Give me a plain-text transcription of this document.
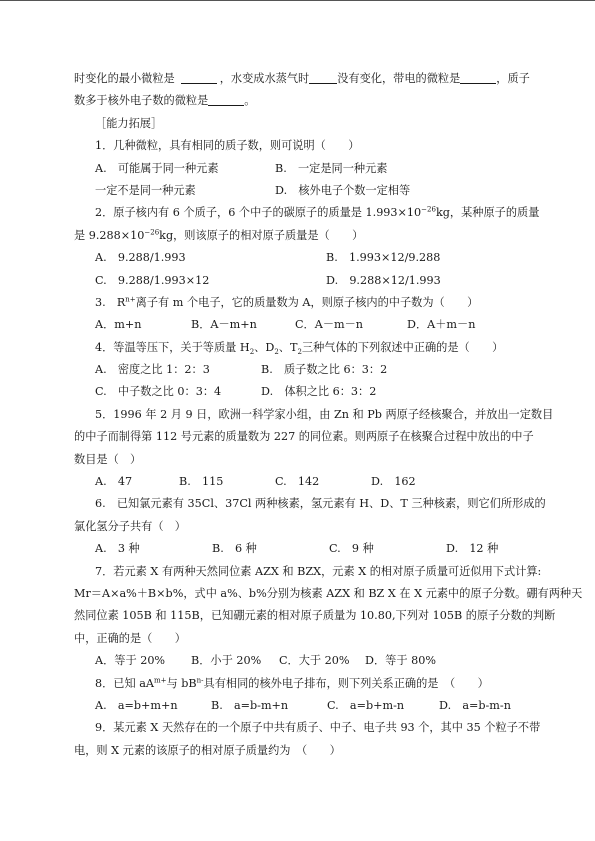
时变化的最小微粒是	，水变成水蒸气时	没有变化，带电的微粒是	，质子
数多于核外电子数的微粒是	。
［能力拓展］
1．几种微粒，具有相同的质子数，则可说明（　　）
A.　可能属于同一种元素	B.　一定是同一种元素
一定不是同一种元素	D.　核外电子个数一定相等
2．原子核内有 6 个质子，6 个中子的碳原子的质量是 $1.993\times 10^{-26}kg$，某种原子的质量
是 $9.288\times 10^{-26}kg$，则该原子的相对原子质量是（　　）
A.　9.288/1.993	B.　1.993×12/9.288
C.　9.288/1.993×12	D.　9.288×12/1.993
3.　$R^{n+}$离子有 m 个电子，它的质量数为 A，则原子核内的中子数为（　　）
A．m+n	B．A－m+n	C．A－m－n	D．A＋m－n
4．等温等压下，关于等质量 $H_2$、$D_2$、$T_2$三种气体的下列叙述中正确的是（　　）
A.　密度之比 1：2：3	B.　质子数之比 6：3：2
C.　中子数之比 0：3：4	D.　体积之比 6：3：2
5．1996 年 2 月 9 日，欧洲一科学家小组，由 Zn 和 Pb 两原子经核聚合，并放出一定数目
的中子而制得第 112 号元素的质量数为 227 的同位素。则两原子在核聚合过程中放出的中子
数目是（　）
A.　47	B.　115	C.　142	D.　162
6.　已知氯元素有 35Cl、37Cl 两种核素，氢元素有 H、D、T 三种核素，则它们所形成的
氯化氢分子共有（　）
A.　3 种	B.　6 种	C.　9 种	D.　12 种
7．若元素 X 有两种天然同位素 AZX 和 BZX，元素 X 的相对原子质量可近似用下式计算:
Mr＝A×a%＋B×b%，式中 a%、b%分别为核素 AZX 和 BZ X 在 X 元素中的原子分数。硼有两种天
然同位素 105B 和 115B，已知硼元素的相对原子质量为 10.80,下列对 105B 的原子分数的判断
中，正确的是（　　）
A．等于 20%	B．小于 20%	C．大于 20%	D．等于 80%
8．已知 $aA^{m+}$与 $bB^{n-}$具有相同的核外电子排布，则下列关系正确的是　（　　）
A.　a=b+m+n	B.　a=b-m+n	C.　a=b+m-n	D.　a=b-m-n
9．某元素 X 天然存在的一个原子中共有质子、中子、电子共 93 个，其中 35 个粒子不带
电，则 X 元素的该原子的相对原子质量约为　（　　）
